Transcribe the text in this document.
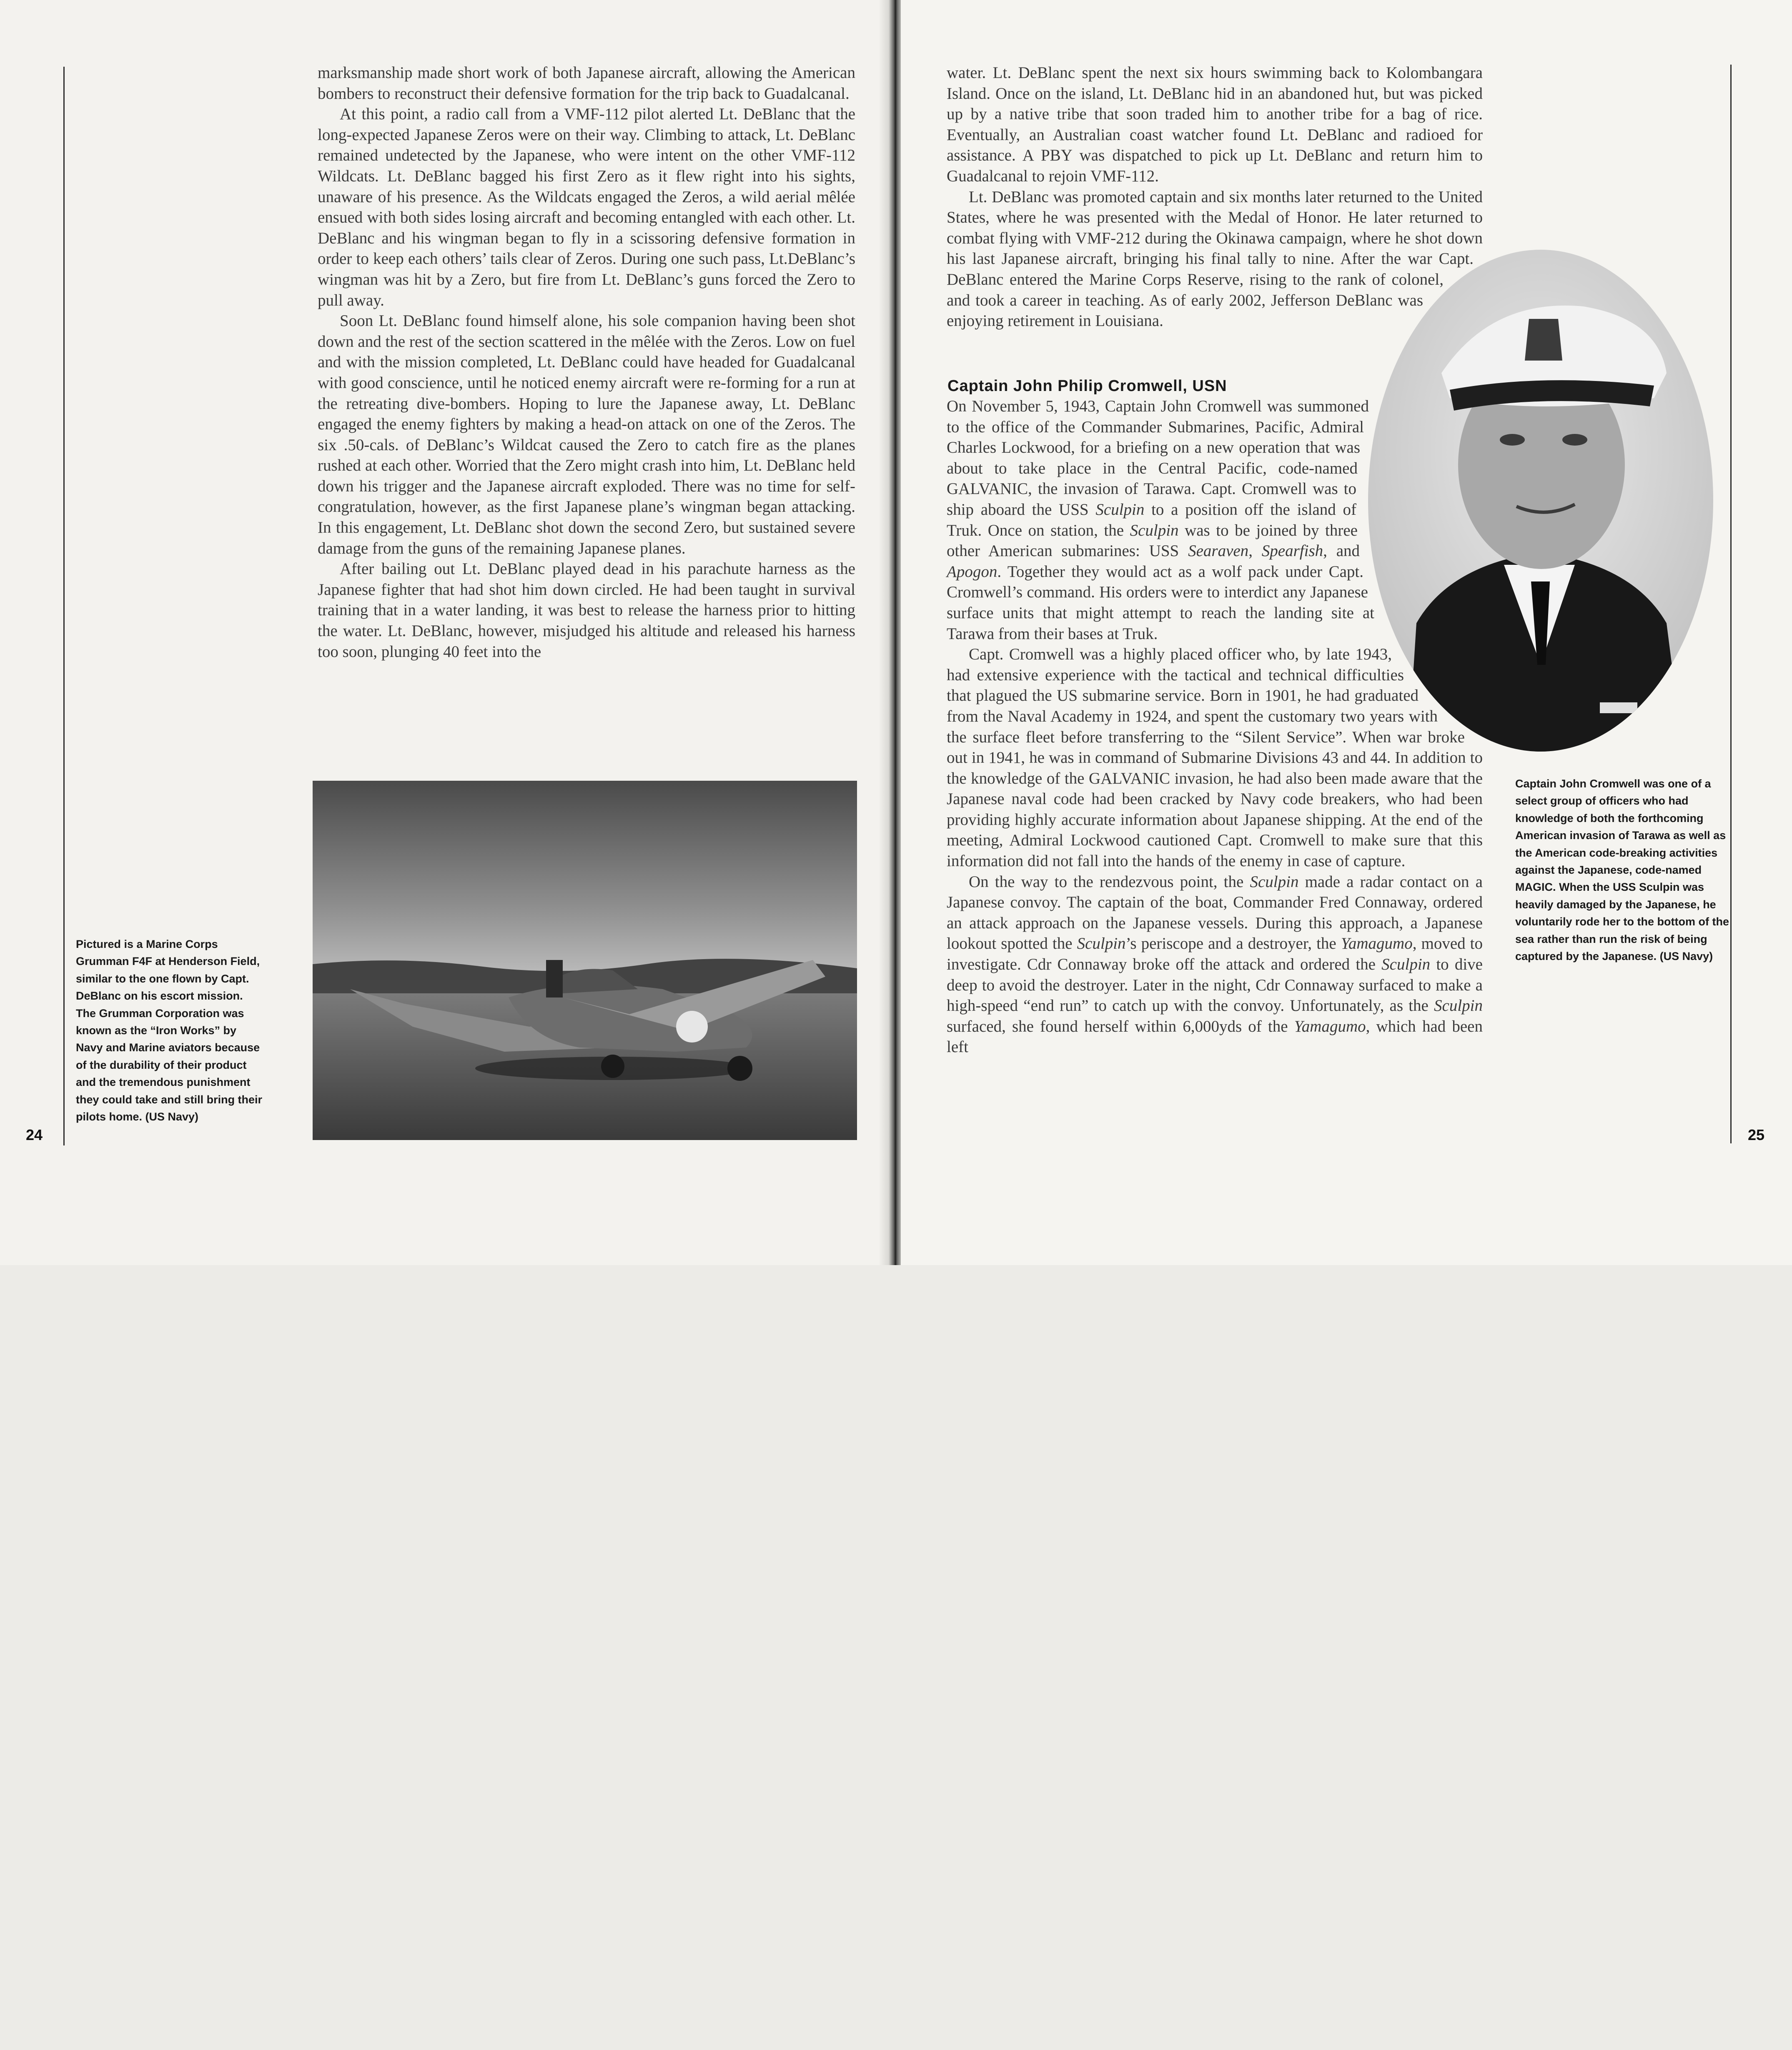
marksmanship made short work of both Japanese aircraft, allowing the American bombers to reconstruct their defensive formation for the trip back to Guadalcanal.

At this point, a radio call from a VMF-112 pilot alerted Lt. DeBlanc that the long-expected Japanese Zeros were on their way. Climbing to attack, Lt. DeBlanc remained undetected by the Japanese, who were intent on the other VMF-112 Wildcats. Lt. DeBlanc bagged his first Zero as it flew right into his sights, unaware of his presence. As the Wildcats engaged the Zeros, a wild aerial mêlée ensued with both sides losing aircraft and becoming entangled with each other. Lt. DeBlanc and his wingman began to fly in a scissoring defensive formation in order to keep each others’ tails clear of Zeros. During one such pass, Lt.DeBlanc’s wingman was hit by a Zero, but fire from Lt. DeBlanc’s guns forced the Zero to pull away.

Soon Lt. DeBlanc found himself alone, his sole companion having been shot down and the rest of the section scattered in the mêlée with the Zeros. Low on fuel and with the mission completed, Lt. DeBlanc could have headed for Guadalcanal with good conscience, until he noticed enemy aircraft were re-forming for a run at the retreating dive-bombers. Hoping to lure the Japanese away, Lt. DeBlanc engaged the enemy fighters by making a head-on attack on one of the Zeros. The six .50-cals. of DeBlanc’s Wildcat caused the Zero to catch fire as the planes rushed at each other. Worried that the Zero might crash into him, Lt. DeBlanc held down his trigger and the Japanese aircraft exploded. There was no time for self-congratulation, however, as the first Japanese plane’s wingman began attacking. In this engagement, Lt. DeBlanc shot down the second Zero, but sustained severe damage from the guns of the remaining Japanese planes.

After bailing out Lt. DeBlanc played dead in his parachute harness as the Japanese fighter that had shot him down circled. He had been taught in survival training that in a water landing, it was best to release the harness prior to hitting the water. Lt. DeBlanc, however, misjudged his altitude and released his harness too soon, plunging 40 feet into the

Pictured is a Marine Corps Grumman F4F at Henderson Field, similar to the one flown by Capt. DeBlanc on his escort mission. The Grumman Corporation was known as the “Iron Works” by Navy and Marine aviators because of the durability of their product and the tremendous punishment they could take and still bring their pilots home. (US Navy)
24

water. Lt. DeBlanc spent the next six hours swimming back to Kolombangara Island. Once on the island, Lt. DeBlanc hid in an abandoned hut, but was picked up by a native tribe that soon traded him to another tribe for a bag of rice. Eventually, an Australian coast watcher found Lt. DeBlanc and radioed for assistance. A PBY was dispatched to pick up Lt. DeBlanc and return him to Guadalcanal to rejoin VMF-112.

Lt. DeBlanc was promoted captain and six months later returned to the United States, where he was presented with the Medal of Honor. He later returned to combat flying with VMF-212 during the Okinawa campaign, where he shot down his last Japanese aircraft, bringing his final tally to nine. After the war Capt. DeBlanc entered the Marine Corps Reserve, rising to the rank of colonel, and took a career in teaching. As of early 2002, Jefferson DeBlanc was enjoying retirement in Louisiana.

Captain John Philip Cromwell, USN

On November 5, 1943, Captain John Cromwell was summoned to the office of the Commander Submarines, Pacific, Admiral Charles Lockwood, for a briefing on a new operation that was about to take place in the Central Pacific, code-named GALVANIC, the invasion of Tarawa. Capt. Cromwell was to ship aboard the USS Sculpin to a position off the island of Truk. Once on station, the Sculpin was to be joined by three other American submarines: USS Searaven, Spearfish, and Apogon. Together they would act as a wolf pack under Capt. Cromwell’s command. His orders were to interdict any Japanese surface units that might attempt to reach the landing site at Tarawa from their bases at Truk.

Capt. Cromwell was a highly placed officer who, by late 1943, had extensive experience with the tactical and technical difficulties that plagued the US submarine service. Born in 1901, he had graduated from the Naval Academy in 1924, and spent the customary two years with the surface fleet before transferring to the “Silent Service”. When war broke out in 1941, he was in command of Submarine Divisions 43 and 44. In addition to the knowledge of the GALVANIC invasion, he had also been made aware that the Japanese naval code had been cracked by Navy code breakers, who had been providing highly accurate information about Japanese shipping. At the end of the meeting, Admiral Lockwood cautioned Capt. Cromwell to make sure that this information did not fall into the hands of the enemy in case of capture.

On the way to the rendezvous point, the Sculpin made a radar contact on a Japanese convoy. The captain of the boat, Commander Fred Connaway, ordered an attack approach on the Japanese vessels. During this approach, a Japanese lookout spotted the Sculpin’s periscope and a destroyer, the Yamagumo, moved to investigate. Cdr Connaway broke off the attack and ordered the Sculpin to dive deep to avoid the destroyer. Later in the night, Cdr Connaway surfaced to make a high-speed “end run” to catch up with the convoy. Unfortunately, as the Sculpin surfaced, she found herself within 6,000yds of the Yamagumo, which had been left

Captain John Cromwell was one of a select group of officers who had knowledge of both the forthcoming American invasion of Tarawa as well as the American code-breaking activities against the Japanese, code-named MAGIC. When the USS Sculpin was heavily damaged by the Japanese, he voluntarily rode her to the bottom of the sea rather than run the risk of being captured by the Japanese. (US Navy)
25
